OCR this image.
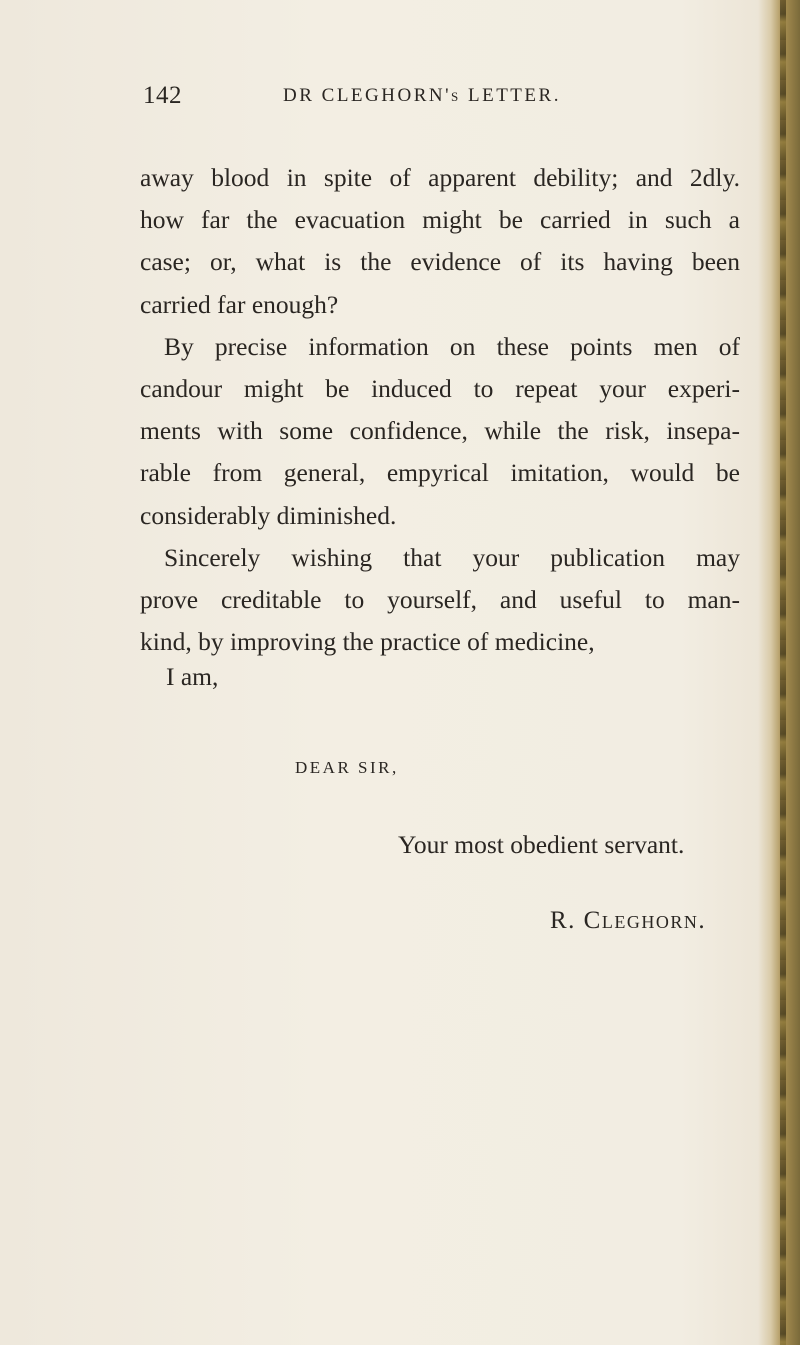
142	DR CLEGHORN's LETTER.
away blood in spite of apparent debility; and 2dly.
how far the evacuation might be carried in such a
case; or, what is the evidence of its having been
carried far enough?
By precise information on these points men of
candour might be induced to repeat your experi-
ments with some confidence, while the risk, insepa-
rable from general, empyrical imitation, would be
considerably diminished.
Sincerely wishing that your publication may
prove creditable to yourself, and useful to man-
kind, by improving the practice of medicine,
I am,
DEAR SIR,
Your most obedient servant.
R. Cleghorn.
